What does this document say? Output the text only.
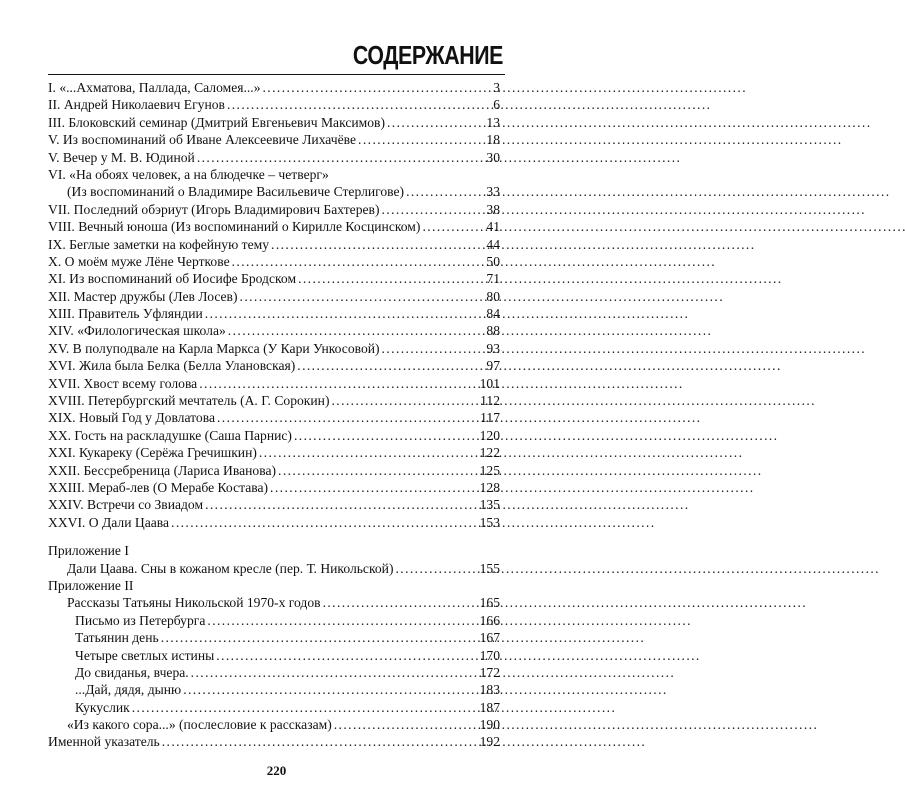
СОДЕРЖАНИЕ
I. «...Ахматова, Паллада, Саломея...» . . .	3
II. Андрей Николаевич Егунов . . .	6
III. Блоковский семинар (Дмитрий Евгеньевич Максимов) . . .	13
V. Из воспоминаний об Иване Алексеевиче Лихачёве . . .	18
V. Вечер у М. В. Юдиной . . .	30
VI. «На обоях человек, а на блюдечке – четверг»
(Из воспоминаний о Владимире Васильевиче Стерлигове) . . .	33
VII. Последний обэриут (Игорь Владимирович Бахтерев) . . .	38
VIII. Вечный юноша (Из воспоминаний о Кирилле Косцинском) . . .	41
IX. Беглые заметки на кофейную тему . . .	44
X. О моём муже Лёне Черткове . . .	50
XI. Из воспоминаний об Иосифе Бродском . . .	71
XII. Мастер дружбы (Лев Лосев) . . .	80
XIII. Правитель Уфляндии . . .	84
XIV. «Филологическая школа» . . .	88
XV. В полуподвале на Карла Маркса (У Кари Ункосовой) . . .	93
XVI. Жила была Белка (Белла Улановская) . . .	97
XVII. Хвост всему голова . . .	101
XVIII. Петербургский мечтатель (А. Г. Сорокин) . . .	112
XIX. Новый Год у Довлатова . . .	117
XX. Гость на раскладушке (Саша Парнис) . . .	120
XXI. Кукареку (Серёжа Гречишкин) . . .	122
XXII. Бессребреница (Лариса Иванова) . . .	125
XXIII. Мераб-лев (О Мерабе Костава) . . .	128
XXIV. Встречи со Звиадом . . .	135
XXVI. О Дали Цаава . . .	153
Приложение I
Дали Цаава. Сны в кожаном кресле (пер. Т. Никольской) . . .	155
Приложение II
Рассказы Татьяны Никольской 1970-х годов . . .	165
Письмо из Петербурга . . .	166
Татьянин день . . .	167
Четыре светлых истины . . .	170
До свиданья, вчера. . . .	172
...Дай, дядя, дыню . . .	183
Кукуслик . . .	187
«Из какого сора...» (послесловие к рассказам) . . .	190
Именной указатель . . .	192
220
